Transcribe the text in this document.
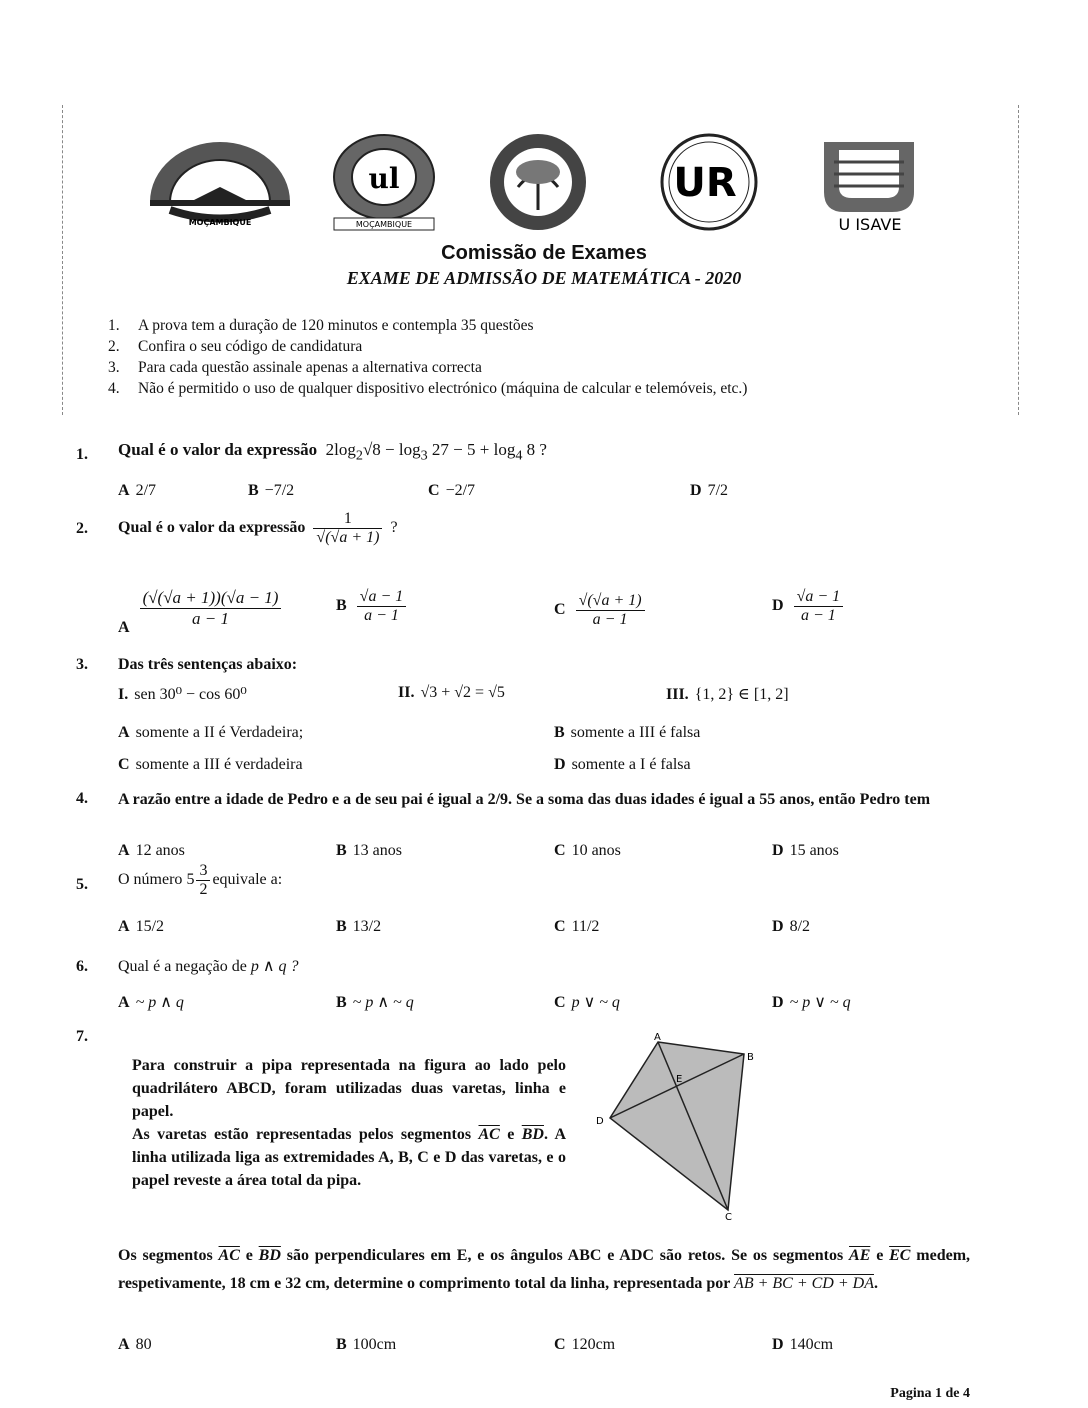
MOÇAMBIQUE
ul
MOÇAMBIQUE
UR
U ISAVE
Comissão de Exames
EXAME DE ADMISSÃO DE MATEMÁTICA - 2020
1. A prova tem a duração de 120 minutos e contempla 35 questões
2. Confira o seu código de candidatura
3. Para cada questão assinale apenas a alternativa correcta
4. Não é permitido o uso de qualquer dispositivo electrónico (máquina de calcular e telemóveis, etc.)
1. Qual é o valor da expressão $2\log_2√8 - \log_3 27 - 5 + \log_4 8$ ?
A 2/7	B −7/2	C −2/7	D 7/2
2. Qual é o valor da expressão $\frac{1}{√(√a + 1)}$ ?
A $\frac{(√(√a + 1))(√a - 1)}{a - 1}$	B $\frac{√a - 1}{a - 1}$	C $\frac{√(√a + 1)}{a - 1}$	D $\frac{√a - 1}{a - 1}$
3. Das três sentenças abaixo:
I. sen 30⁰ − cos 60⁰	II. √3 + √2 = √5	III. {1, 2} ∈ [1, 2]
A somente a II é Verdadeira;	B somente a III é falsa
C somente a III é verdadeira	D somente a I é falsa
4. A razão entre a idade de Pedro e a de seu pai é igual a 2/9. Se a soma das duas idades é igual a 55 anos, então Pedro tem
A 12 anos	B 13 anos	C 10 anos	D 15 anos
5. O número $5 \frac{3}{2}$ equivale a:
A 15/2	B 13/2	C 11/2	D 8/2
6. Qual é a negação de p ∧ q ?
A ~ p ∧ q	B ~ p ∧ ~ q	C p ∨ ~ q	D ~ p ∨ ~ q
7.
Para construir a pipa representada na figura ao lado pelo quadrilátero ABCD, foram utilizadas duas varetas, linha e papel.
As varetas estão representadas pelos segmentos $\overline{AC}$ e $\overline{BD}$. A linha utilizada liga as extremidades A, B, C e D das varetas, e o papel reveste a área total da pipa.
A
B
C
D
E
Os segmentos $\overline{AC}$ e $\overline{BD}$ são perpendiculares em E, e os ângulos ABC e ADC são retos. Se os segmentos $\overline{AE}$ e $\overline{EC}$ medem, respetivamente, 18 cm e 32 cm, determine o comprimento total da linha, representada por AB + BC + CD + DA.
A 80	B 100cm	C 120cm	D 140cm
Pagina 1 de 4
